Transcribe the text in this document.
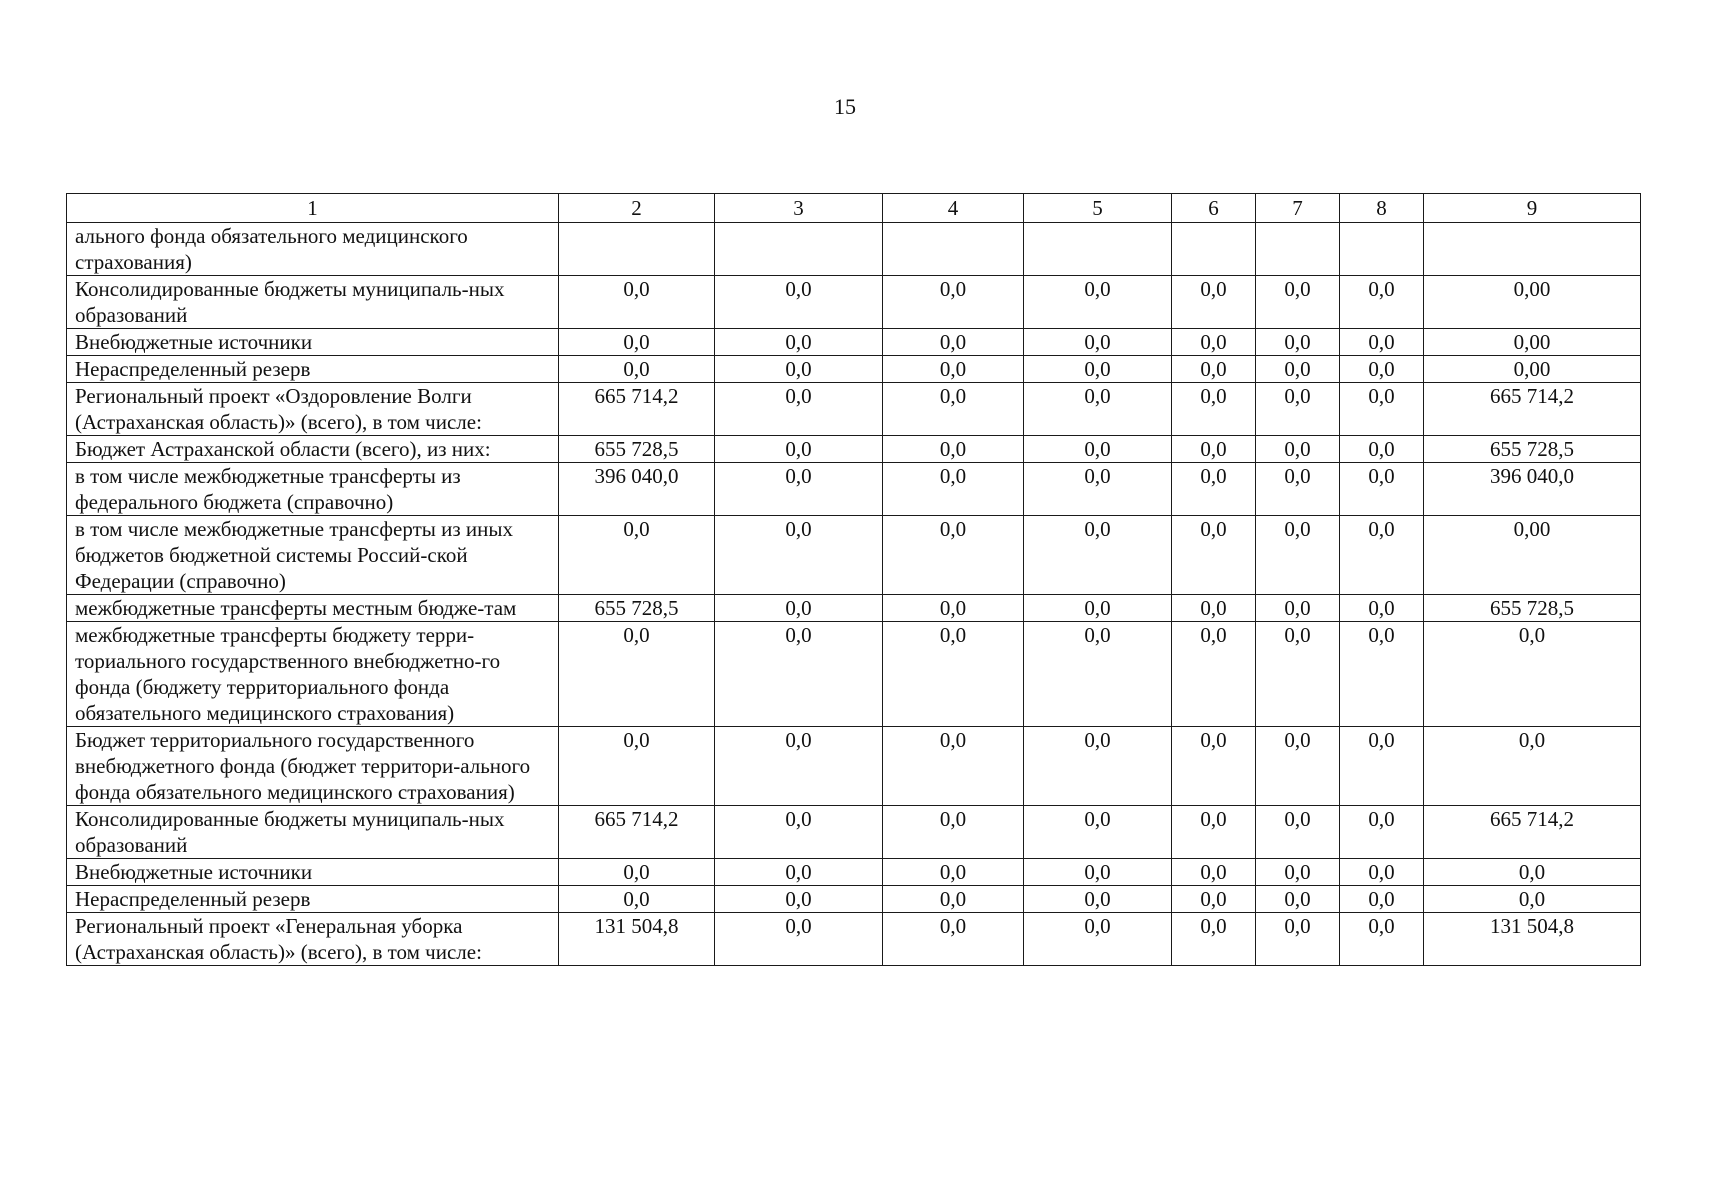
15
1	2	3	4	5	6	7	8	9
ального фонда обязательного медицинского страхования)								
Консолидированные бюджеты муниципаль-ных образований	0,0	0,0	0,0	0,0	0,0	0,0	0,0	0,00
Внебюджетные источники	0,0	0,0	0,0	0,0	0,0	0,0	0,0	0,00
Нераспределенный резерв	0,0	0,0	0,0	0,0	0,0	0,0	0,0	0,00
Региональный проект «Оздоровление Волги (Астраханская область)» (всего), в том числе:	665 714,2	0,0	0,0	0,0	0,0	0,0	0,0	665 714,2
Бюджет Астраханской области (всего), из них:	655 728,5	0,0	0,0	0,0	0,0	0,0	0,0	655 728,5
в том числе межбюджетные трансферты из федерального бюджета (справочно)	396 040,0	0,0	0,0	0,0	0,0	0,0	0,0	396 040,0
в том числе межбюджетные трансферты из иных бюджетов бюджетной системы Россий-ской Федерации (справочно)	0,0	0,0	0,0	0,0	0,0	0,0	0,0	0,00
межбюджетные трансферты местным бюдже-там	655 728,5	0,0	0,0	0,0	0,0	0,0	0,0	655 728,5
межбюджетные трансферты бюджету терри-ториального государственного внебюджетно-го фонда (бюджету территориального фонда обязательного медицинского страхования)	0,0	0,0	0,0	0,0	0,0	0,0	0,0	0,0
Бюджет территориального государственного внебюджетного фонда (бюджет территори-ального фонда обязательного медицинского страхования)	0,0	0,0	0,0	0,0	0,0	0,0	0,0	0,0
Консолидированные бюджеты муниципаль-ных образований	665 714,2	0,0	0,0	0,0	0,0	0,0	0,0	665 714,2
Внебюджетные источники	0,0	0,0	0,0	0,0	0,0	0,0	0,0	0,0
Нераспределенный резерв	0,0	0,0	0,0	0,0	0,0	0,0	0,0	0,0
Региональный проект «Генеральная уборка (Астраханская область)» (всего), в том числе:	131 504,8	0,0	0,0	0,0	0,0	0,0	0,0	131 504,8
